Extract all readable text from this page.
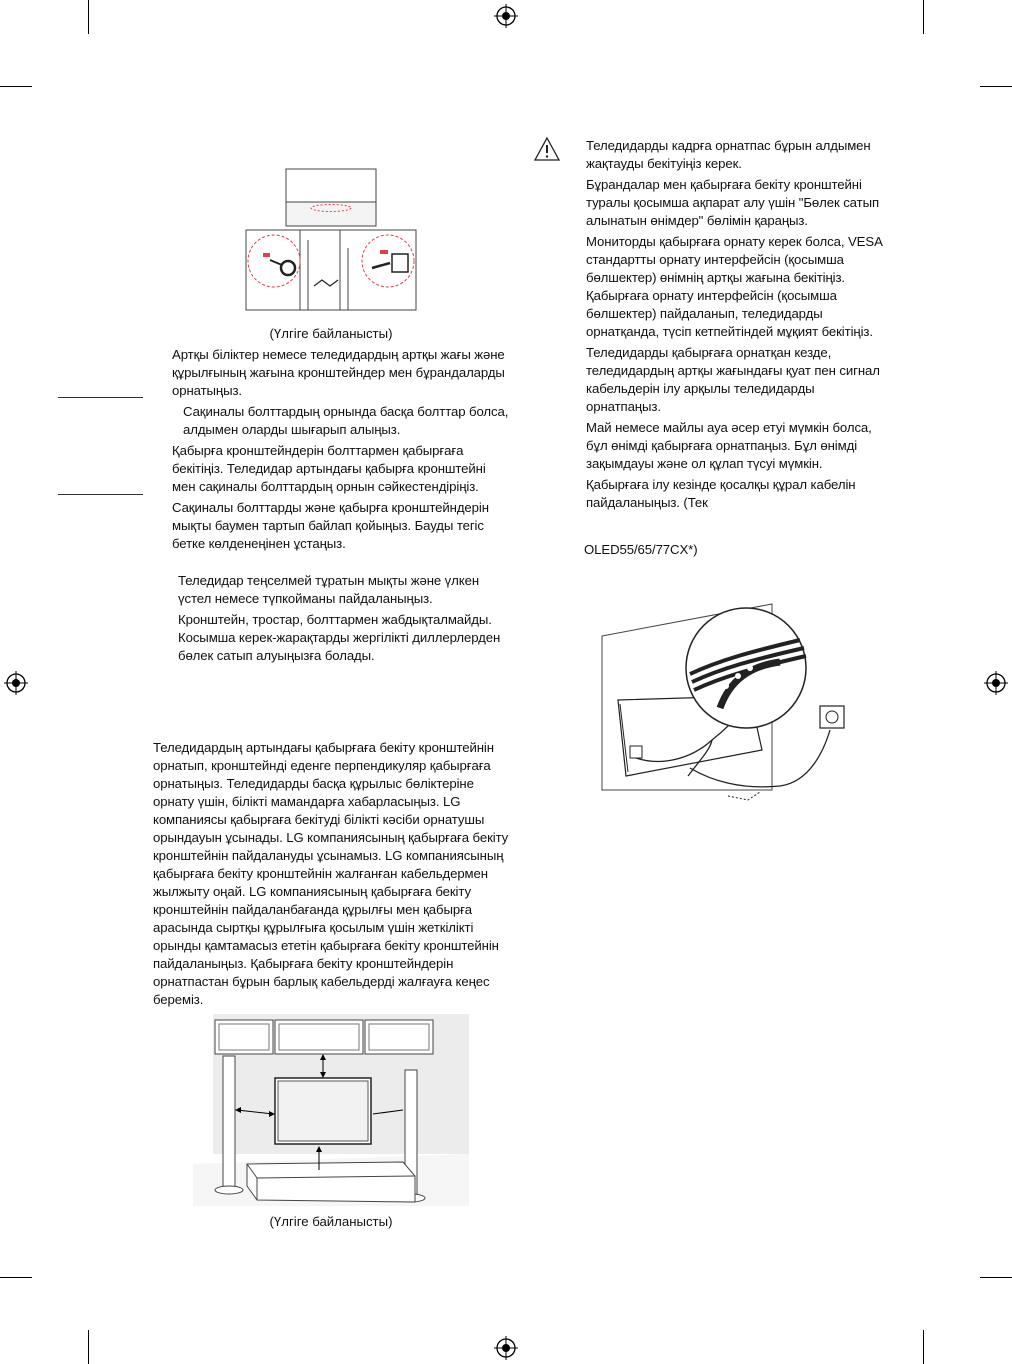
(Үлгіге байланысты)

Артқы білiктер немесе теледидардың артқы жағы және құрылғының жағына кронштейндер мен бұрандаларды орнатыңыз.

Сақиналы болттардың орнында басқа болттар болса, алдымен оларды шығарып алыңыз.

Қабырға кронштейндерін болттармен қабырғаға бекітіңіз. Теледидар артындағы қабырға кронштейні мен сақиналы болттардың орнын сәйкестендіріңіз.

Сақиналы болттарды және қабырға кронштейндерін мықты баумен тартып байлап қойыңыз. Бауды тегіс бетке көлденеңінен ұстаңыз.

Теледидар теңселмей тұратын мықты және үлкен үстел немесе түпкойманы пайдаланыңыз.

Кронштейн, тростар, болттармен жабдықталмайды. Косымша керек-жарақтарды жергілікті диллерлерден бөлек сатып алуыңызға болады.

Теледидардың артындағы қабырғаға бекіту кронштейнін орнатып, кронштейнді еденге перпендикуляр қабырғаға орнатыңыз. Теледидарды басқа құрылыс бөліктеріне орнату үшін, білікті мамандарға хабарласыңыз. LG компаниясы қабырғаға бекітуді білікті кәсіби орнатушы орындауын ұсынады. LG компаниясының қабырғаға бекіту кронштейнін пайдалануды ұсынамыз. LG компаниясының қабырғаға бекіту кронштейнін жалғанған кабельдермен жылжыту оңай. LG компаниясының қабырғаға бекіту кронштейнін пайдаланбағанда құрылғы мен қабырға арасында сыртқы құрылғыға қосылым үшін жеткілікті орынды қамтамасыз ететін қабырғаға бекіту кронштейнін пайдаланыңыз. Қабырғаға бекіту кронштейндерін орнатпастан бұрын барлық кабельдерді жалғауға кеңес береміз.
(Үлгіге байланысты)

Теледидарды кадрға орнатпас бұрын алдымен жақтауды бекітуіңіз керек.

Бұрандалар мен қабырғаға бекіту кронштейні туралы қосымша ақпарат алу үшін "Бөлек сатып алынатын өнімдер" бөлімін қараңыз.

Мониторды қабырғаға орнату керек болса, VESA стандартты орнату интерфейсін (қосымша бөлшектер) өнімнің артқы жағына бекітіңіз. Қабырғаға орнату интерфейсін (қосымша бөлшектер) пайдаланып, теледидарды орнатқанда, түсіп кетпейтіндей мұқият бекітіңіз.

Теледидарды қабырғаға орнатқан кезде, теледидардың артқы жағындағы қуат пен сигнал кабельдерін ілу арқылы теледидарды орнатпаңыз.

Май немесе майлы ауа әсер етуі мүмкін болса, бұл өнімді қабырғаға орнатпаңыз. Бұл өнімді зақымдауы және ол құлап түсуі мүмкін.

Қабырғаға ілу кезінде қосалқы құрал кабелін пайдаланыңыз. (Тек

OLED55/65/77CX*)
